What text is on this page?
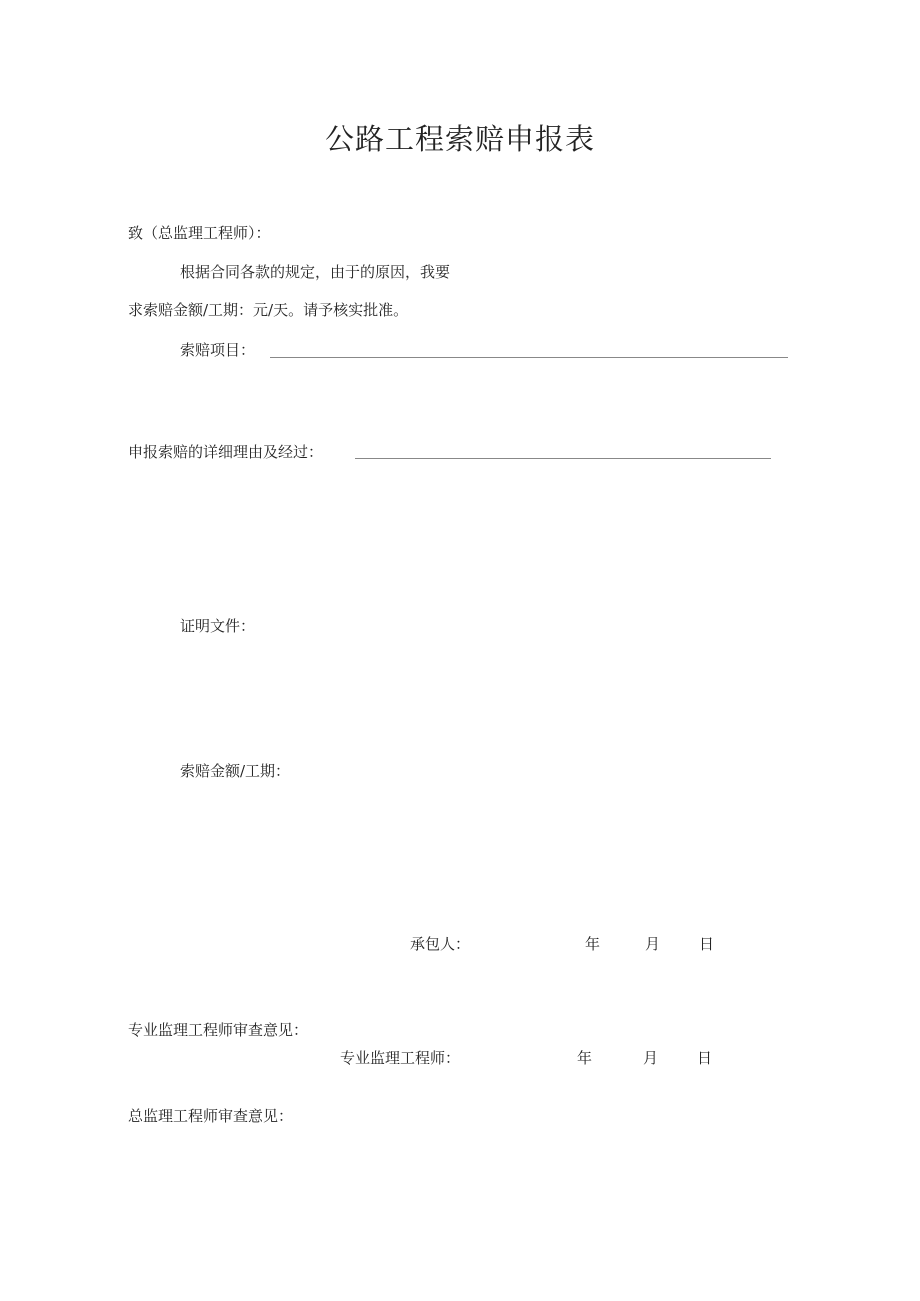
公路工程索赔申报表
致（总监理工程师）：
根据合同各款的规定，由于的原因，我要
求索赔金额/工期：元/天。请予核实批准。
索赔项目：
申报索赔的详细理由及经过：
证明文件：
索赔金额/工期：
承包人：	年	月	日
专业监理工程师审查意见：
专业监理工程师：	年	月	日
总监理工程师审查意见：
